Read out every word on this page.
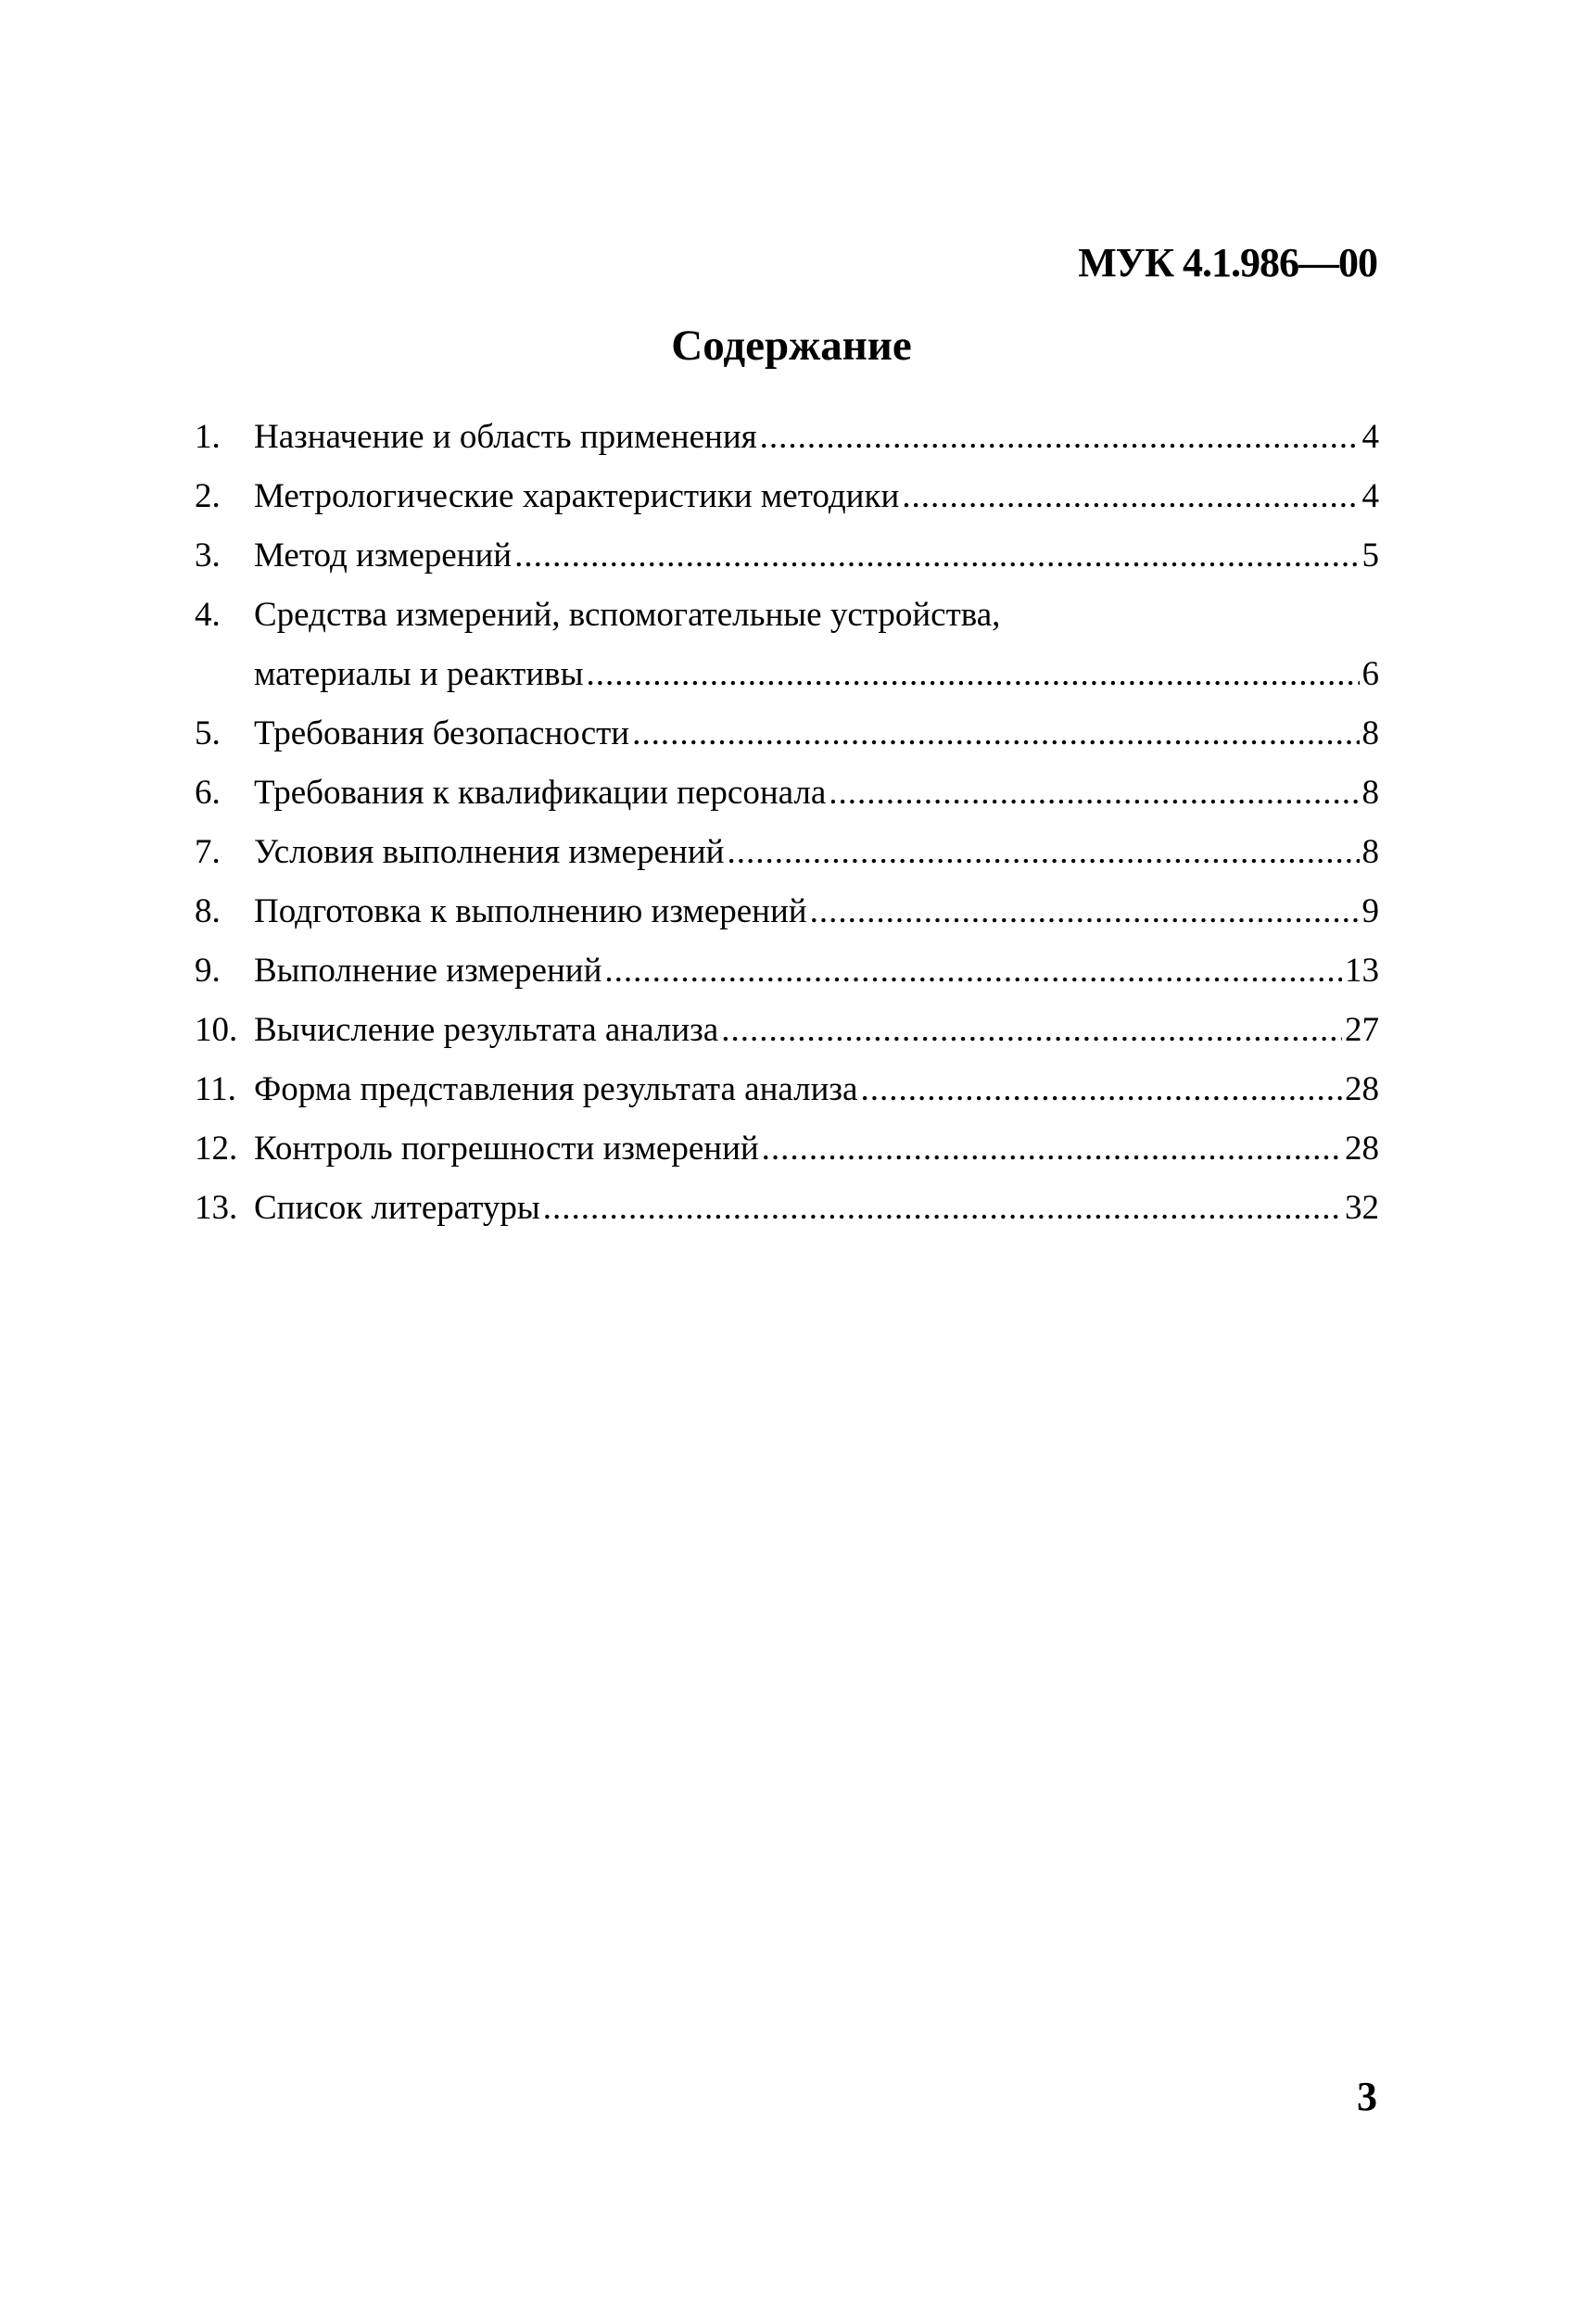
МУК 4.1.986—00
Содержание
1. Назначение и область применения .....	4
2. Метрологические характеристики методики .....	4
3. Метод измерений .....	5
4. Средства измерений, вспомогательные устройства,
материалы и реактивы .....	6
5. Требования безопасности .....	8
6. Требования к квалификации персонала .....	8
7. Условия выполнения измерений .....	8
8. Подготовка к выполнению измерений .....	9
9. Выполнение измерений .....	13
10. Вычисление результата анализа .....	27
11. Форма представления результата анализа .....	28
12. Контроль погрешности измерений .....	28
13. Список литературы .....	32
3
